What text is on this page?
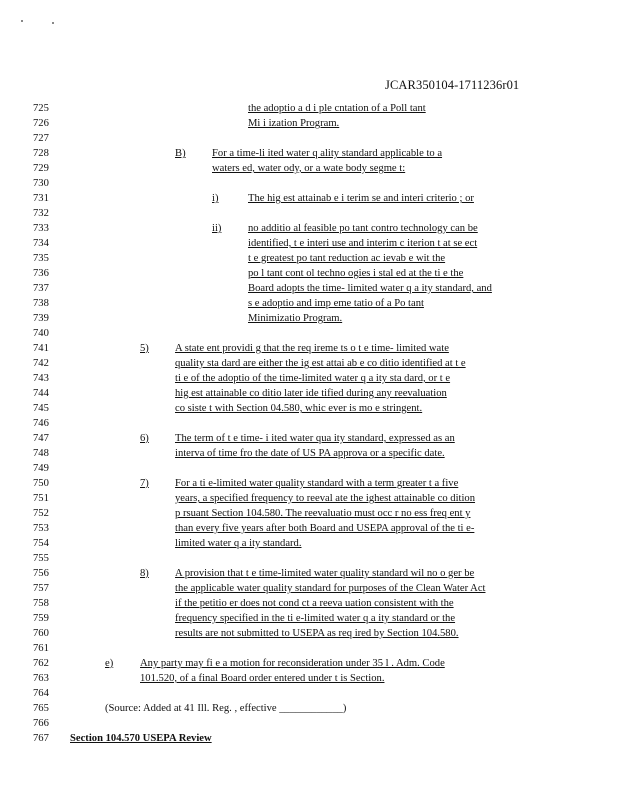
JCAR350104-1711236r01
725	the adoptio a d i ple cntation of a Poll tant
726	Mi i ization Program.
727
728	B) For a time-li ited water q ality standard applicable to a
729	waters ed, water ody, or a wate body segme t:
730
731	i)	The hig est attainab e i terim se and interi criterio ; or
732
733	ii)	no additio al feasible po tant contro technology can be
734	identified, t e interi use and interim c iterion t at se ect
735	t e greatest po tant reduction ac ievab e wit the
736	po l tant cont ol techno ogies i stal ed at the ti e the
737	Board adopts the time- limited water q a ity standard, and
738	s e adoptio and imp eme tatio of a Po tant
739	Minimizatio Program.
740
741	5) A state ent providi g that the req ireme ts o t e time- limited wate
742	quality sta dard are either the ig est attai ab e co ditio identified at t e
743	ti e of the adoptio of the time-limited water q a ity sta dard, or t e
744	hig est attainable co ditio later ide tified during any reevaluation
745	co siste t with Section 04.580, whic ever is mo e stringent.
746
747	6) The term of t e time- i ited water qua ity standard, expressed as an
748	interva of time fro the date of US PA approva or a specific date.
749
750	7) For a ti e-limited water quality standard with a term greater t a five
751	years, a specified frequency to reeval ate the ighest attainable co dition
752	p rsuant Section 104.580. The reevaluatio must occ r no ess freq ent y
753	than every five years after both Board and USEPA approval of the ti e-
754	limited water q a ity standard.
755
756	8) A provision that t e time-limited water quality standard wil no o ger be
757	the applicable water quality standard for purposes of the Clean Water Act
758	if the petitio er does not cond ct a reeva uation consistent with the
759	frequency specified in the ti e-limited water q a ity standard or the
760	results are not submitted to USEPA as req ired by Section 104.580.
761
762	e)	Any party may fi e a motion for reconsideration under 35 l . Adm. Code
763	101.520, of a final Board order entered under t is Section.
764
765	(Source: Added at 41 Ill. Reg. , effective ____________)
766
767	Section 104.570 USEPA Review
